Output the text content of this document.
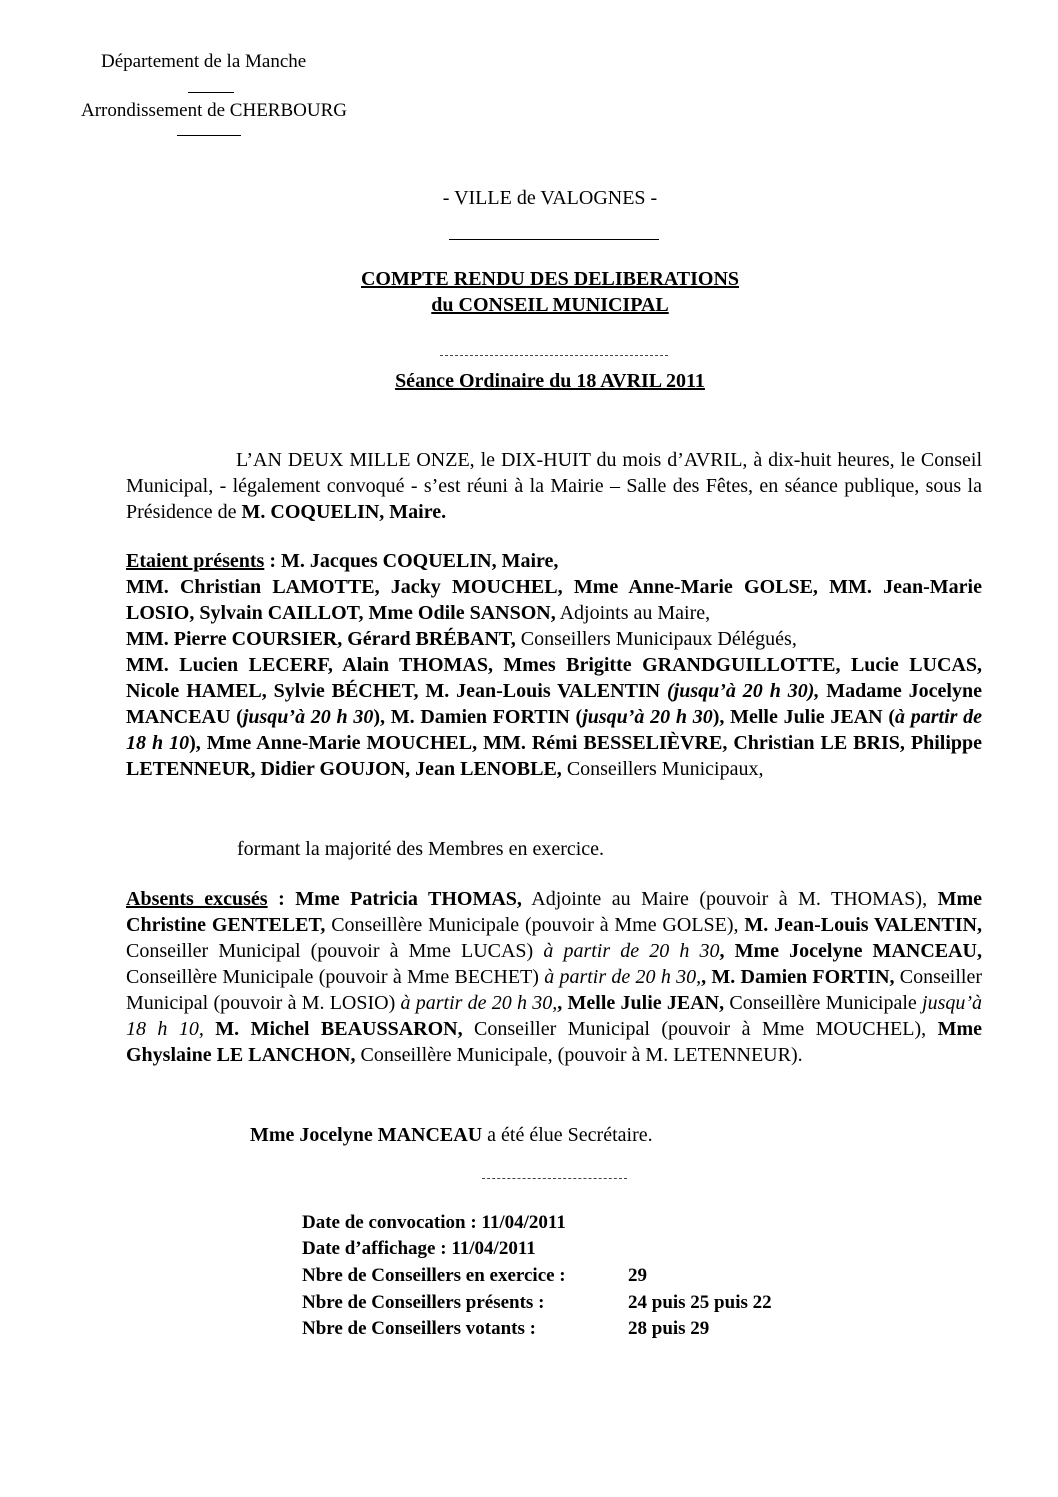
Département de la Manche
Arrondissement de CHERBOURG
- VILLE de VALOGNES -
COMPTE RENDU DES DELIBERATIONS
du CONSEIL MUNICIPAL
Séance Ordinaire du 18 AVRIL 2011
L’AN DEUX MILLE ONZE, le DIX-HUIT du mois d’AVRIL, à dix-huit heures, le Conseil Municipal, - légalement convoqué - s’est réuni à la Mairie – Salle des Fêtes, en séance publique, sous la Présidence de M. COQUELIN, Maire.
Etaient présents : M. Jacques COQUELIN, Maire,
MM. Christian LAMOTTE, Jacky MOUCHEL, Mme Anne-Marie GOLSE, MM. Jean-Marie LOSIO, Sylvain CAILLOT, Mme Odile SANSON, Adjoints au Maire,
MM. Pierre COURSIER, Gérard BRÉBANT, Conseillers Municipaux Délégués,
MM. Lucien LECERF, Alain THOMAS, Mmes Brigitte GRANDGUILLOTTE, Lucie LUCAS, Nicole HAMEL, Sylvie BÉCHET, M. Jean-Louis VALENTIN (jusqu’à 20 h 30), Madame Jocelyne MANCEAU (jusqu’à 20 h 30), M. Damien FORTIN (jusqu’à 20 h 30), Melle Julie JEAN (à partir de 18 h 10), Mme Anne-Marie MOUCHEL, MM. Rémi BESSELIÈVRE, Christian LE BRIS, Philippe LETENNEUR, Didier GOUJON, Jean LENOBLE, Conseillers Municipaux,
formant la majorité des Membres en exercice.
Absents excusés : Mme Patricia THOMAS, Adjointe au Maire (pouvoir à M. THOMAS), Mme Christine GENTELET, Conseillère Municipale (pouvoir à Mme GOLSE), M. Jean-Louis VALENTIN, Conseiller Municipal (pouvoir à Mme LUCAS) à partir de 20 h 30, Mme Jocelyne MANCEAU, Conseillère Municipale (pouvoir à Mme BECHET) à partir de 20 h 30,, M. Damien FORTIN, Conseiller Municipal (pouvoir à M. LOSIO) à partir de 20 h 30,, Melle Julie JEAN, Conseillère Municipale jusqu’à 18 h 10, M. Michel BEAUSSARON, Conseiller Municipal (pouvoir à Mme MOUCHEL), Mme Ghyslaine LE LANCHON, Conseillère Municipale, (pouvoir à M. LETENNEUR).
Mme Jocelyne MANCEAU a été élue Secrétaire.
Date de convocation : 11/04/2011
Date d’affichage : 11/04/2011
Nbre de Conseillers en exercice :	29
Nbre de Conseillers présents :	24 puis 25 puis 22
Nbre de Conseillers votants :	28 puis 29
